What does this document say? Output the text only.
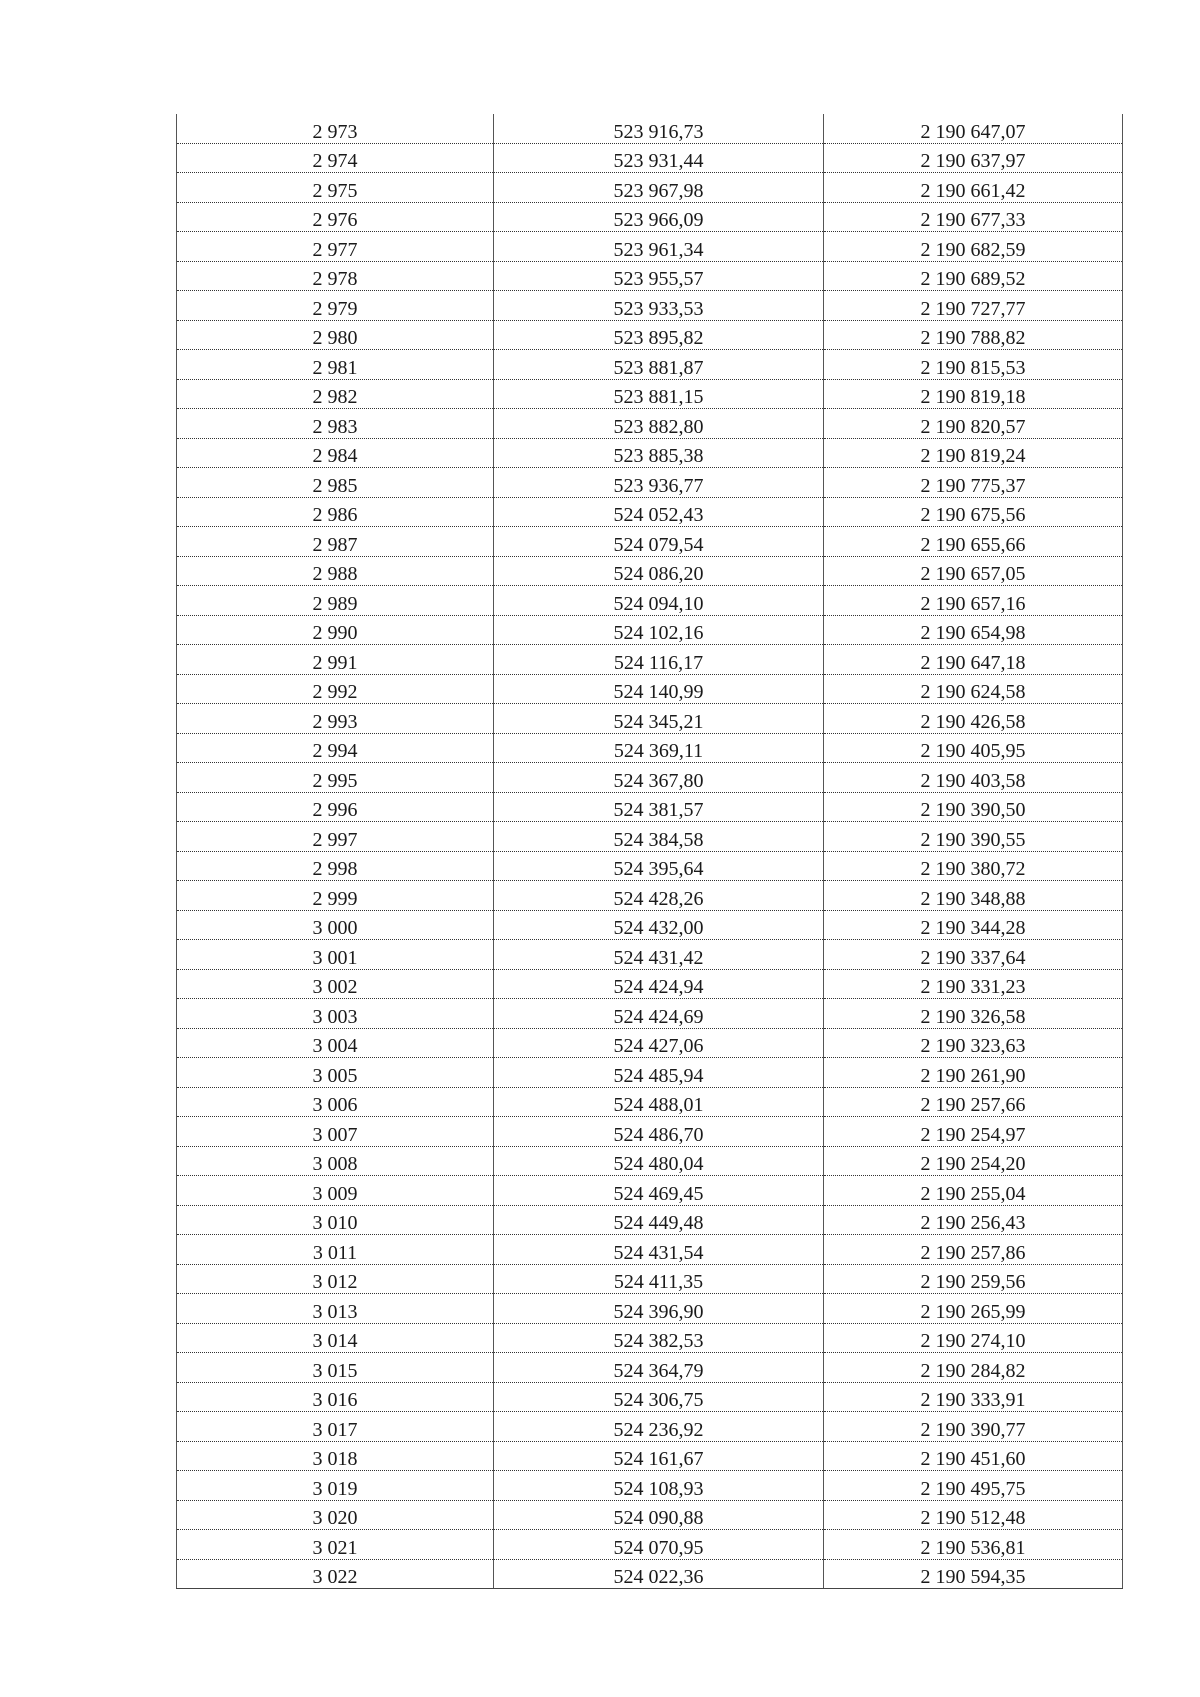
2 973	523 916,73	2 190 647,07
2 974	523 931,44	2 190 637,97
2 975	523 967,98	2 190 661,42
2 976	523 966,09	2 190 677,33
2 977	523 961,34	2 190 682,59
2 978	523 955,57	2 190 689,52
2 979	523 933,53	2 190 727,77
2 980	523 895,82	2 190 788,82
2 981	523 881,87	2 190 815,53
2 982	523 881,15	2 190 819,18
2 983	523 882,80	2 190 820,57
2 984	523 885,38	2 190 819,24
2 985	523 936,77	2 190 775,37
2 986	524 052,43	2 190 675,56
2 987	524 079,54	2 190 655,66
2 988	524 086,20	2 190 657,05
2 989	524 094,10	2 190 657,16
2 990	524 102,16	2 190 654,98
2 991	524 116,17	2 190 647,18
2 992	524 140,99	2 190 624,58
2 993	524 345,21	2 190 426,58
2 994	524 369,11	2 190 405,95
2 995	524 367,80	2 190 403,58
2 996	524 381,57	2 190 390,50
2 997	524 384,58	2 190 390,55
2 998	524 395,64	2 190 380,72
2 999	524 428,26	2 190 348,88
3 000	524 432,00	2 190 344,28
3 001	524 431,42	2 190 337,64
3 002	524 424,94	2 190 331,23
3 003	524 424,69	2 190 326,58
3 004	524 427,06	2 190 323,63
3 005	524 485,94	2 190 261,90
3 006	524 488,01	2 190 257,66
3 007	524 486,70	2 190 254,97
3 008	524 480,04	2 190 254,20
3 009	524 469,45	2 190 255,04
3 010	524 449,48	2 190 256,43
3 011	524 431,54	2 190 257,86
3 012	524 411,35	2 190 259,56
3 013	524 396,90	2 190 265,99
3 014	524 382,53	2 190 274,10
3 015	524 364,79	2 190 284,82
3 016	524 306,75	2 190 333,91
3 017	524 236,92	2 190 390,77
3 018	524 161,67	2 190 451,60
3 019	524 108,93	2 190 495,75
3 020	524 090,88	2 190 512,48
3 021	524 070,95	2 190 536,81
3 022	524 022,36	2 190 594,35
